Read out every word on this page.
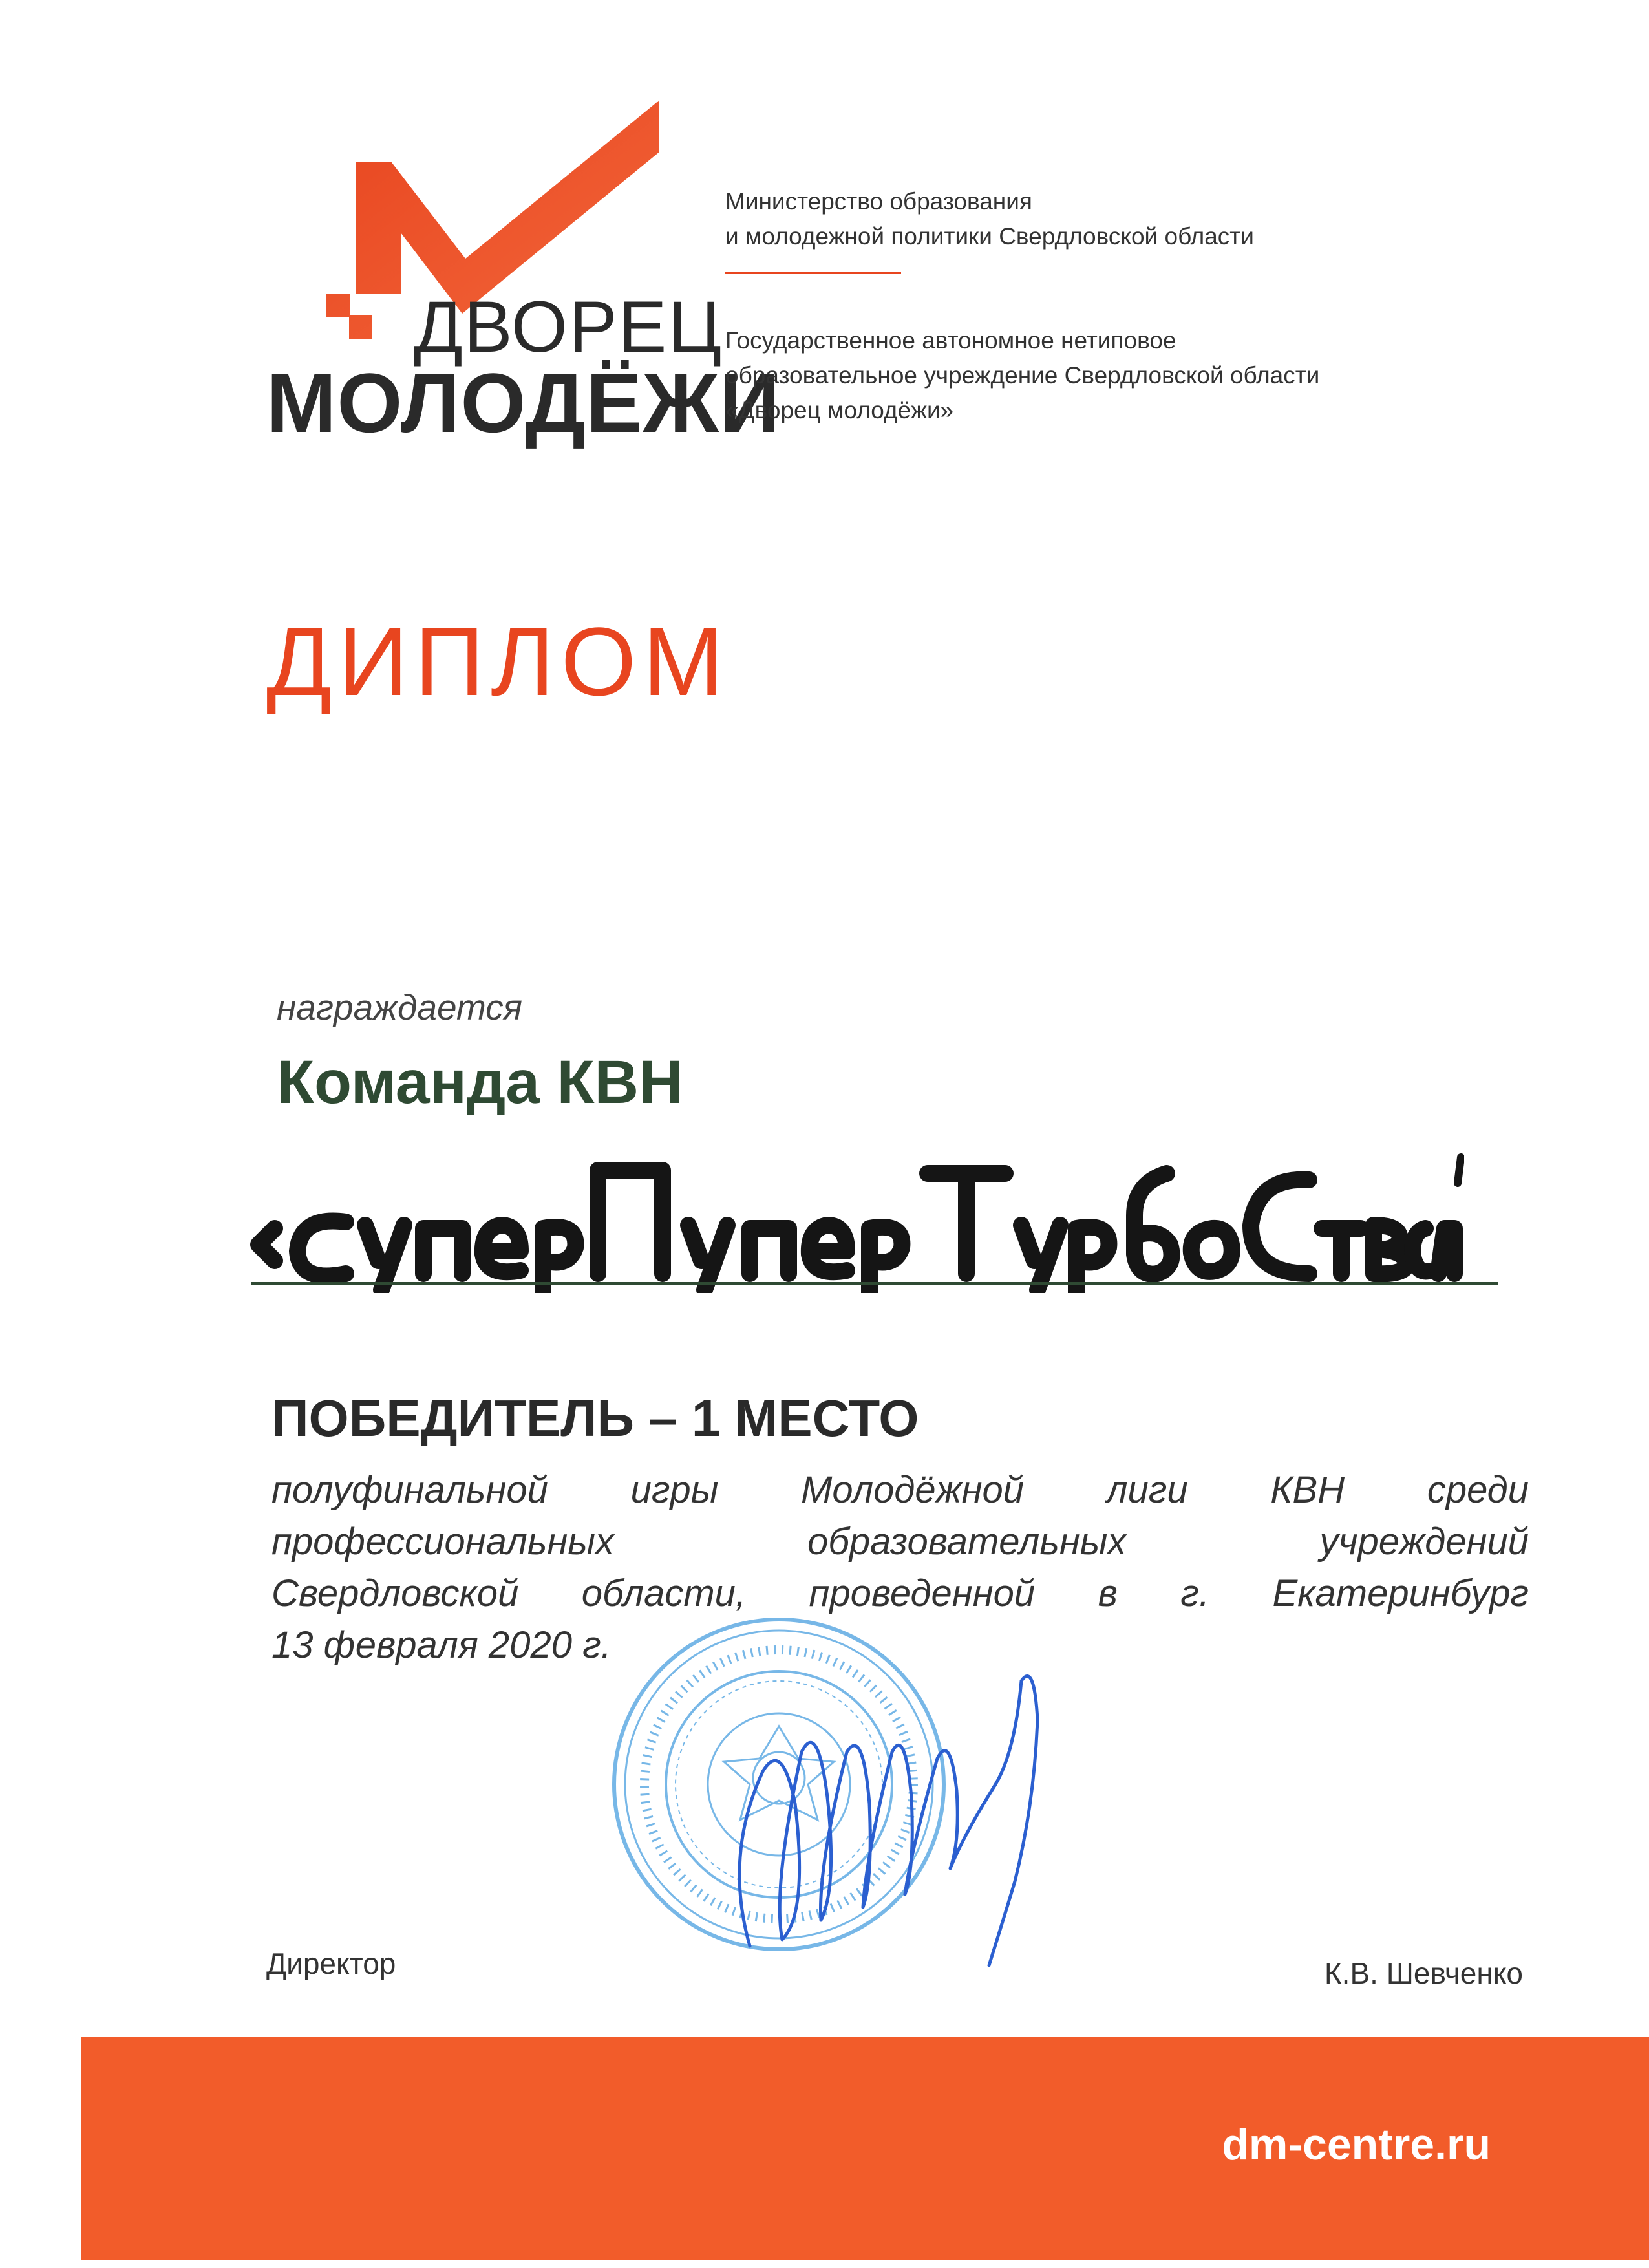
ДВОРЕЦ
МОЛОДЁЖИ
Министерство образования
и молодежной политики Свердловской области
Государственное автономное нетиповое
образовательное учреждение Свердловской области
«Дворец молодёжи»
ДИПЛОМ
награждается
Команда КВН
ПОБЕДИТЕЛЬ – 1 МЕСТО
полуфинальной игры Молодёжной лиги КВН среди
профессиональных образовательных учреждений
Свердловской области, проведенной в г. Екатеринбург
13 февраля 2020 г.
Директор	К.В. Шевченко
dm-centre.ru
